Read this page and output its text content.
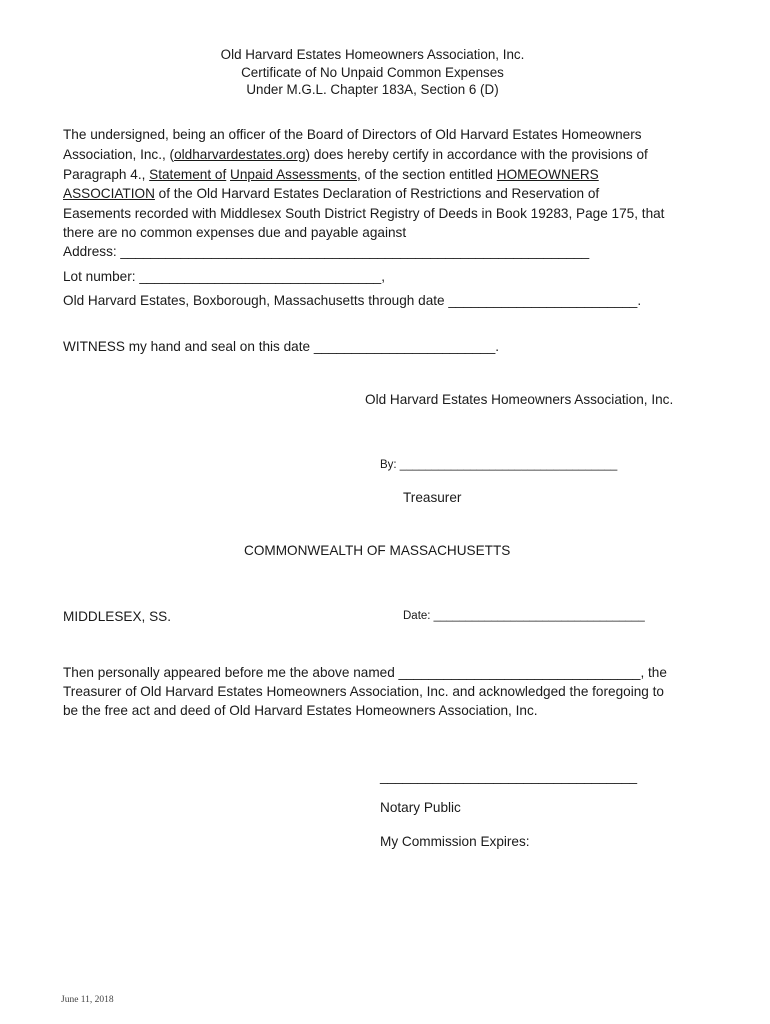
Old Harvard Estates Homeowners Association, Inc.
Certificate of No Unpaid Common Expenses
Under M.G.L. Chapter 183A, Section 6 (D)
The undersigned, being an officer of the Board of Directors of Old Harvard Estates Homeowners
Association, Inc., (oldharvardestates.org) does hereby certify in accordance with the provisions of
Paragraph 4., Statement of Unpaid Assessments, of the section entitled HOMEOWNERS
ASSOCIATION of the Old Harvard Estates Declaration of Restrictions and Reservation of
Easements recorded with Middlesex South District Registry of Deeds in Book 19283, Page 175, that
there are no common expenses due and payable against
Address: ______________________________________________________________
Lot number: ________________________________,
Old Harvard Estates, Boxborough, Massachusetts through date _________________________.
WITNESS my hand and seal on this date ________________________.
Old Harvard Estates Homeowners Association, Inc.
By: __________________________________
Treasurer
COMMONWEALTH OF MASSACHUSETTS
MIDDLESEX, SS.	Date: _________________________________
Then personally appeared before me the above named ________________________________, the
Treasurer of Old Harvard Estates Homeowners Association, Inc. and acknowledged the foregoing to
be the free act and deed of Old Harvard Estates Homeowners Association, Inc.
__________________________________
Notary Public
My Commission Expires:
June 11, 2018
